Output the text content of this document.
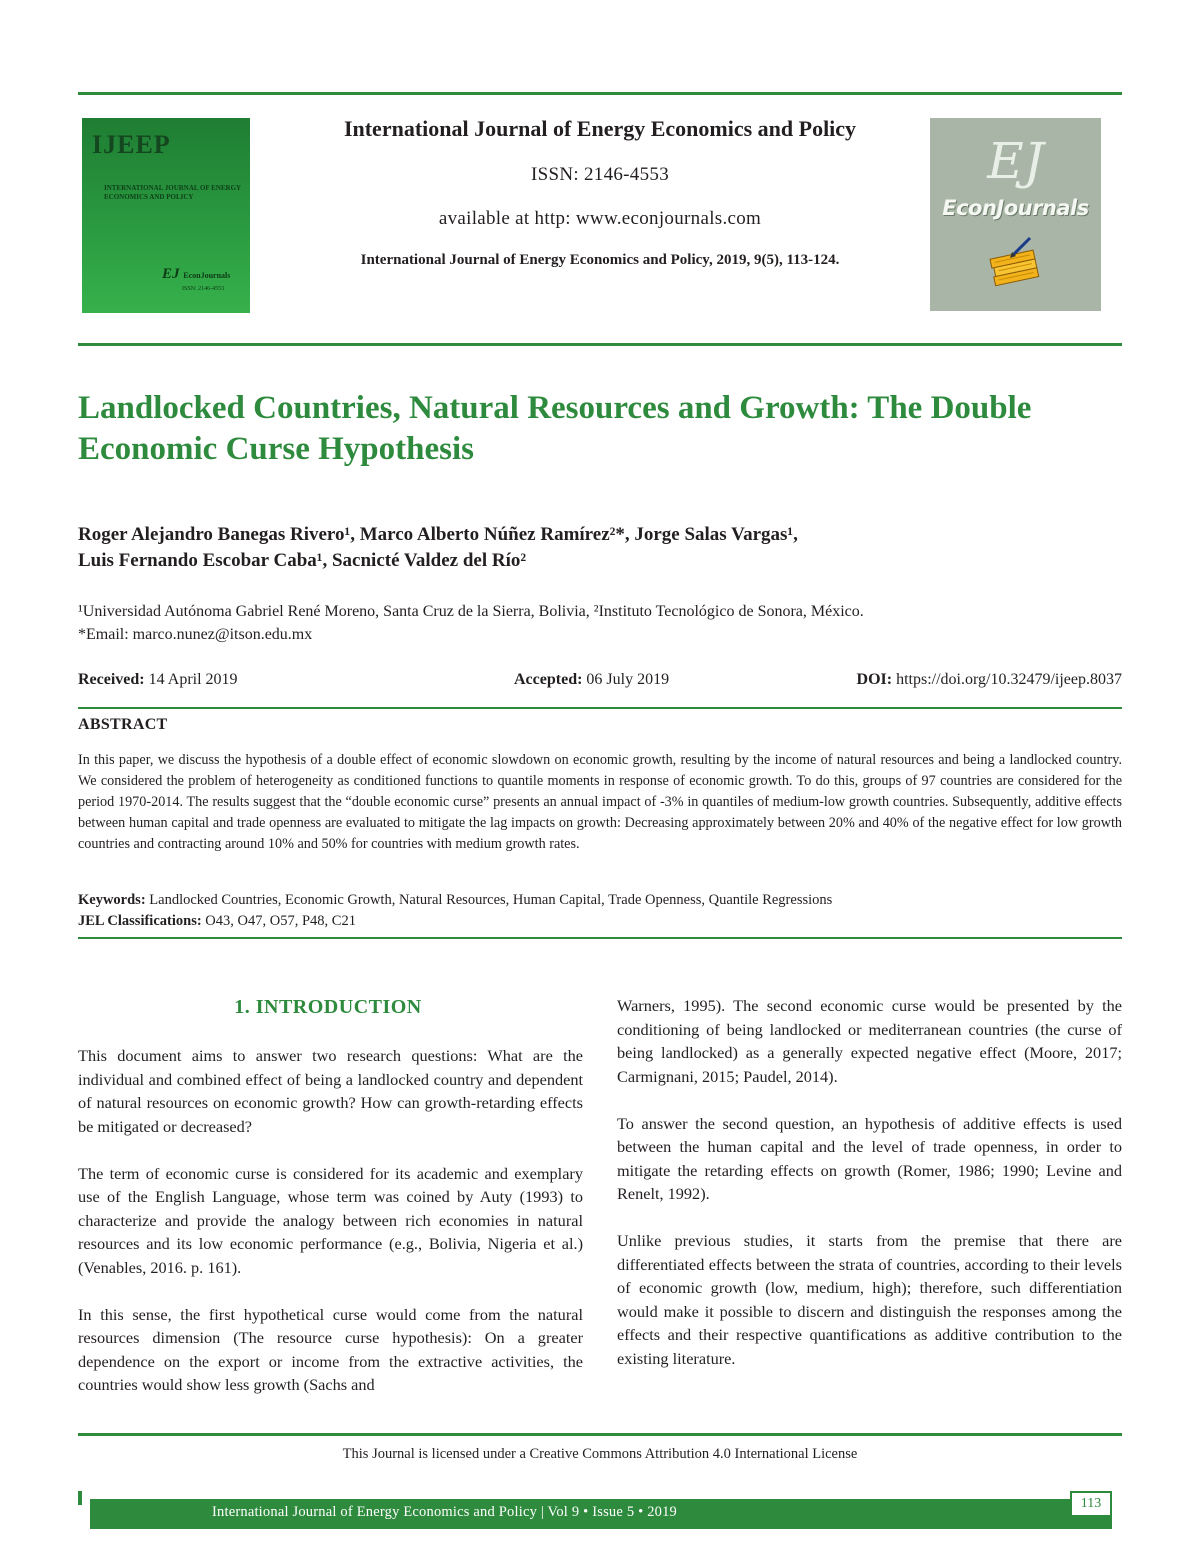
IJEEP
INTERNATIONAL JOURNAL OF ENERGY ECONOMICS AND POLICY
EJ EconJournals
ISSN: 2146-4553
International Journal of Energy Economics and Policy
ISSN: 2146-4553
available at http: www.econjournals.com
International Journal of Energy Economics and Policy, 2019, 9(5), 113-124.
EJ
EconJournals
Landlocked Countries, Natural Resources and Growth: The Double Economic Curse Hypothesis
Roger Alejandro Banegas Rivero¹, Marco Alberto Núñez Ramírez²*, Jorge Salas Vargas¹,
Luis Fernando Escobar Caba¹, Sacnicté Valdez del Río²
¹Universidad Autónoma Gabriel René Moreno, Santa Cruz de la Sierra, Bolivia, ²Instituto Tecnológico de Sonora, México.
*Email: marco.nunez@itson.edu.mx
Received: 14 April 2019	Accepted: 06 July 2019	DOI: https://doi.org/10.32479/ijeep.8037
ABSTRACT
In this paper, we discuss the hypothesis of a double effect of economic slowdown on economic growth, resulting by the income of natural resources and being a landlocked country. We considered the problem of heterogeneity as conditioned functions to quantile moments in response of economic growth. To do this, groups of 97 countries are considered for the period 1970-2014. The results suggest that the “double economic curse” presents an annual impact of -3% in quantiles of medium-low growth countries. Subsequently, additive effects between human capital and trade openness are evaluated to mitigate the lag impacts on growth: Decreasing approximately between 20% and 40% of the negative effect for low growth countries and contracting around 10% and 50% for countries with medium growth rates.
Keywords: Landlocked Countries, Economic Growth, Natural Resources, Human Capital, Trade Openness, Quantile Regressions
JEL Classifications: O43, O47, O57, P48, C21
1. INTRODUCTION

This document aims to answer two research questions: What are the individual and combined effect of being a landlocked country and dependent of natural resources on economic growth? How can growth-retarding effects be mitigated or decreased?

The term of economic curse is considered for its academic and exemplary use of the English Language, whose term was coined by Auty (1993) to characterize and provide the analogy between rich economies in natural resources and its low economic performance (e.g., Bolivia, Nigeria et al.) (Venables, 2016. p. 161).

In this sense, the first hypothetical curse would come from the natural resources dimension (The resource curse hypothesis): On a greater dependence on the export or income from the extractive activities, the countries would show less growth (Sachs and

Warners, 1995). The second economic curse would be presented by the conditioning of being landlocked or mediterranean countries (the curse of being landlocked) as a generally expected negative effect (Moore, 2017; Carmignani, 2015; Paudel, 2014).

To answer the second question, an hypothesis of additive effects is used between the human capital and the level of trade openness, in order to mitigate the retarding effects on growth (Romer, 1986; 1990; Levine and Renelt, 1992).

Unlike previous studies, it starts from the premise that there are differentiated effects between the strata of countries, according to their levels of economic growth (low, medium, high); therefore, such differentiation would make it possible to discern and distinguish the responses among the effects and their respective quantifications as additive contribution to the existing literature.

This Journal is licensed under a Creative Commons Attribution 4.0 International License
International Journal of Energy Economics and Policy | Vol 9 • Issue 5 • 2019
113
